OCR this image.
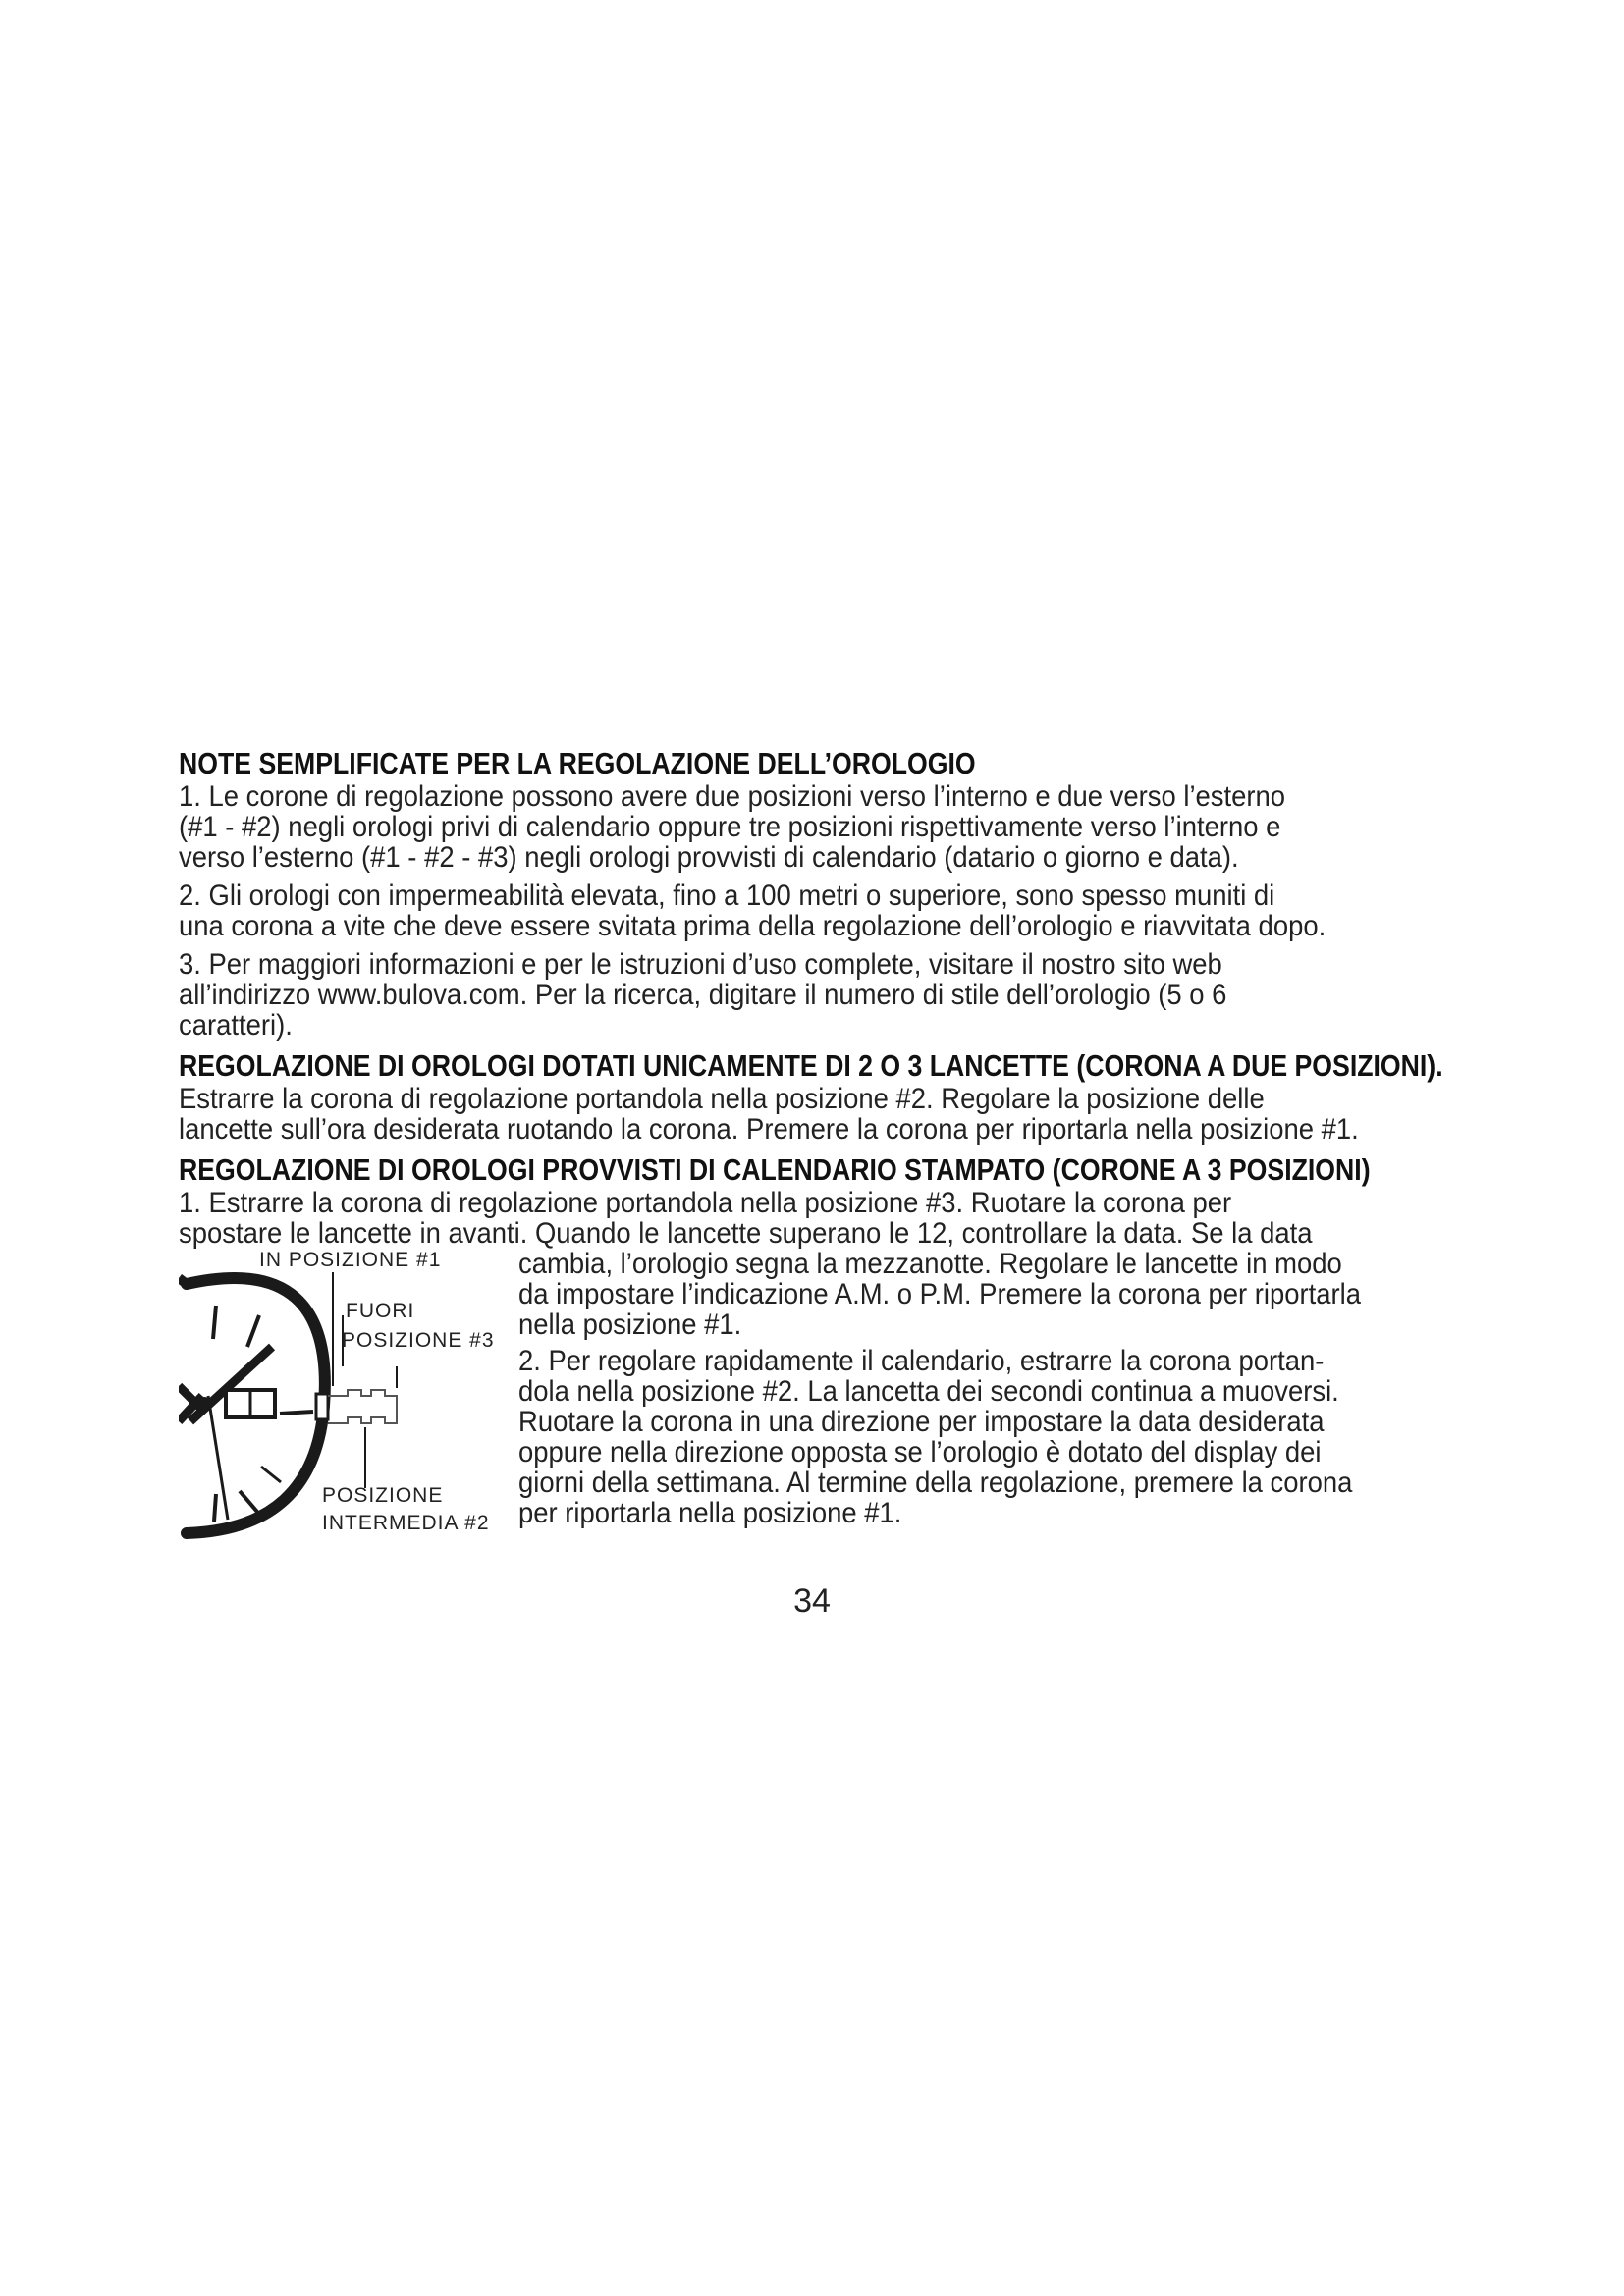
NOTE SEMPLIFICATE PER LA REGOLAZIONE DELL’OROLOGIO
1. Le corone di regolazione possono avere due posizioni verso l’interno e due verso l’esterno
(#1 - #2) negli orologi privi di calendario oppure tre posizioni rispettivamente verso l’interno e
verso l’esterno (#1 - #2 - #3) negli orologi provvisti di calendario (datario o giorno e data).
2. Gli orologi con impermeabilità elevata, fino a 100 metri o superiore, sono spesso muniti di
una corona a vite che deve essere svitata prima della regolazione dell’orologio e riavvitata dopo.
3. Per maggiori informazioni e per le istruzioni d’uso complete, visitare il nostro sito web
all’indirizzo www.bulova.com. Per la ricerca, digitare il numero di stile dell’orologio (5 o 6
caratteri).
REGOLAZIONE DI OROLOGI DOTATI UNICAMENTE DI 2 O 3 LANCETTE (CORONA A DUE POSIZIONI).
Estrarre la corona di regolazione portandola nella posizione #2. Regolare la posizione delle
lancette sull’ora desiderata ruotando la corona. Premere la corona per riportarla nella posizione #1.
REGOLAZIONE DI OROLOGI PROVVISTI DI CALENDARIO STAMPATO (CORONE A 3 POSIZIONI)
1. Estrarre la corona di regolazione portandola nella posizione #3. Ruotare la corona per
spostare le lancette in avanti. Quando le lancette superano le 12, controllare la data. Se la data
IN POSIZIONE #1
FUORI
POSIZIONE #3
POSIZIONE
INTERMEDIA #2
cambia, l’orologio segna la mezzanotte. Regolare le lancette in modo
da impostare l’indicazione A.M. o P.M. Premere la corona per riportarla
nella posizione #1.
2. Per regolare rapidamente il calendario, estrarre la corona portan-
dola nella posizione #2. La lancetta dei secondi continua a muoversi.
Ruotare la corona in una direzione per impostare la data desiderata
oppure nella direzione opposta se l’orologio è dotato del display dei
giorni della settimana. Al termine della regolazione, premere la corona
per riportarla nella posizione #1.
34
